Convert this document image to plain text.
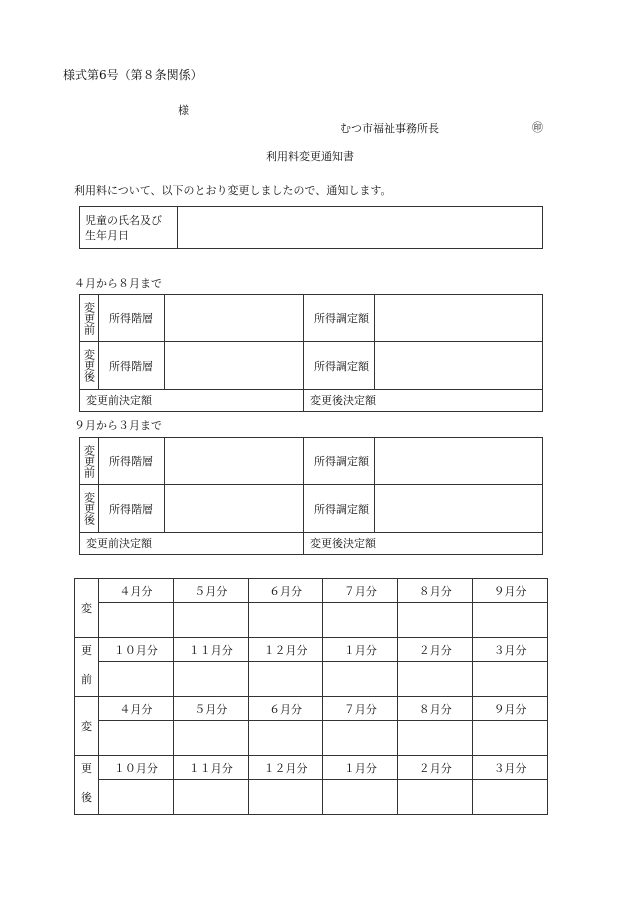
様式第6号（第８条関係）
様
むつ市福祉事務所長	㊞
利用料変更通知書
利用料について、以下のとおり変更しましたので、通知します。
児童の氏名及び
生年月日

４月から８月まで
変更前	所得階層		所得調定額	

変更後	所得階層		所得調定額	
変更前決定額			変更後決定額	
９月から３月まで
変更前	所得階層		所得調定額	

変更後	所得階層		所得調定額	
変更前決定額			変更後決定額	
変	４月分	５月分	６月分	７月分	８月分	９月分

更	１０月分	１１月分	１２月分	１月分	２月分	３月分
前						
変	４月分	５月分	６月分	７月分	８月分	９月分

更	１０月分	１１月分	１２月分	１月分	２月分	３月分
後						
